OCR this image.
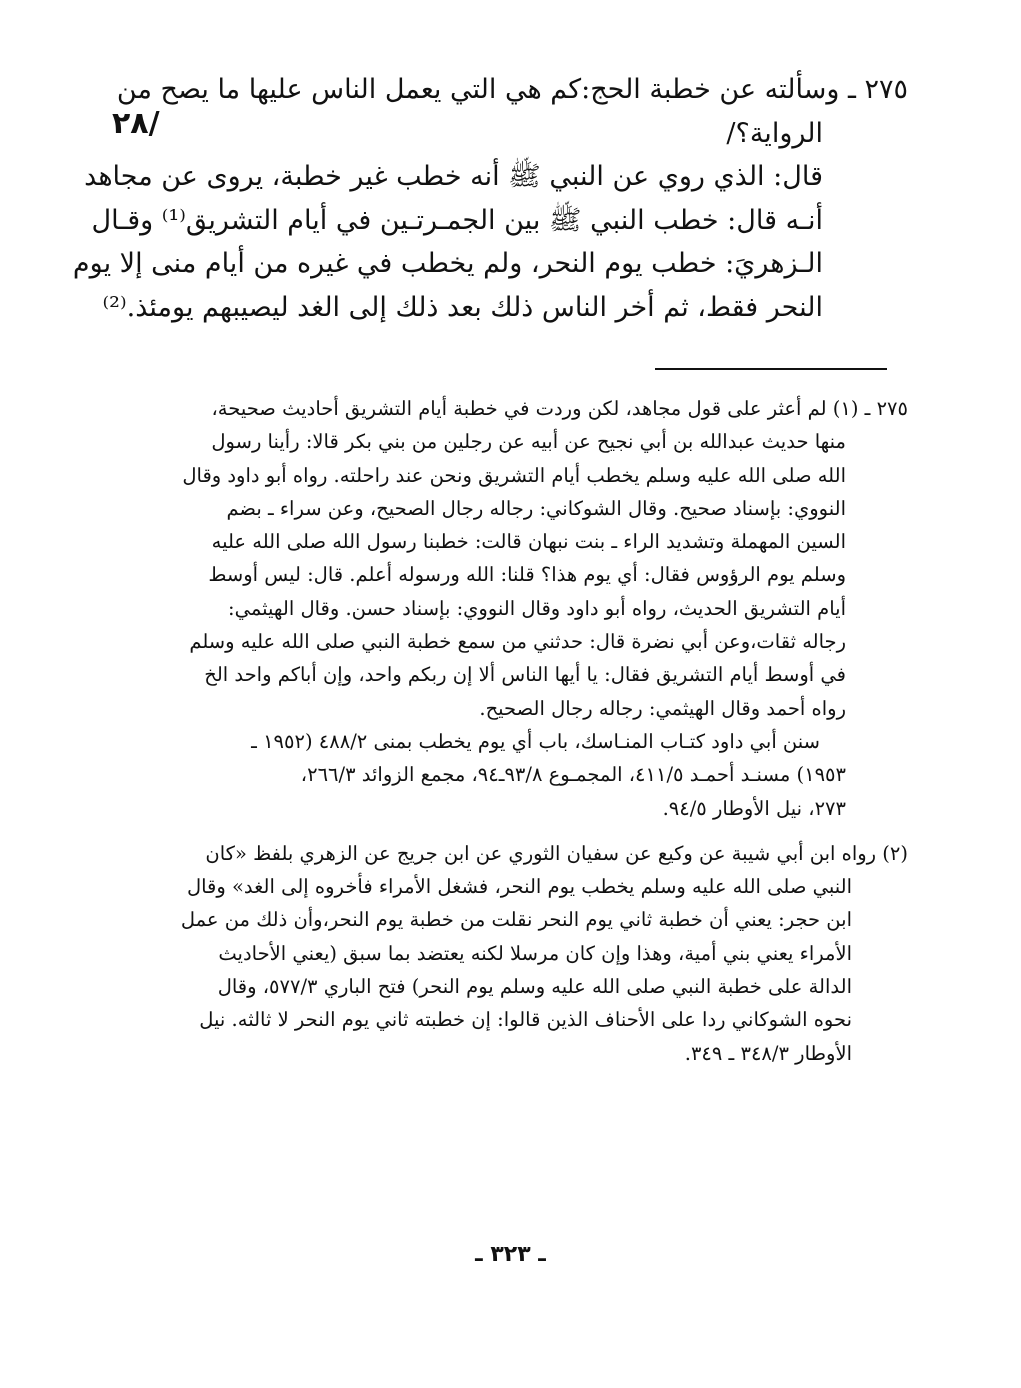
٢٨/
٢٧٥ ـ وسألته عن خطبة الحج:كم هي التي يعمل الناس عليها ما يصح من
الرواية؟/
قال: الذي روي عن النبي ﷺ أنه خطب غير خطبة، يروى عن مجاهد
أنـه قال: خطب النبي ﷺ بين الجمـرتـين في أيام التشريق⁽¹⁾ وقـال
الـزهريَ: خطب يوم النحر، ولم يخطب في غيره من أيام منى إلا يوم
النحر فقط، ثم أخر الناس ذلك بعد ذلك إلى الغد ليصيبهم يومئذ.⁽²⁾
٢٧٥ ـ (١) لم أعثر على قول مجاهد، لكن وردت في خطبة أيام التشريق أحاديث صحيحة،
منها حديث عبدالله بن أبي نجيح عن أبيه عن رجلين من بني بكر قالا: رأينا رسول
الله صلى الله عليه وسلم يخطب أيام التشريق ونحن عند راحلته. رواه أبو داود وقال
النووي: بإسناد صحيح. وقال الشوكاني: رجاله رجال الصحيح، وعن سراء ـ بضم
السين المهملة وتشديد الراء ـ بنت نبهان قالت: خطبنا رسول الله صلى الله عليه
وسلم يوم الرؤوس فقال: أي يوم هذا؟ قلنا: الله ورسوله أعلم. قال: ليس أوسط
أيام التشريق الحديث، رواه أبو داود وقال النووي: بإسناد حسن. وقال الهيثمي:
رجاله ثقات،وعن أبي نضرة قال: حدثني من سمع خطبة النبي صلى الله عليه وسلم
في أوسط أيام التشريق فقال: يا أيها الناس ألا إن ربكم واحد، وإن أباكم واحد الخ
رواه أحمد وقال الهيثمي: رجاله رجال الصحيح.
سنن أبي داود كتـاب المنـاسك، باب أي يوم يخطب بمنى ٤٨٨/٢ (١٩٥٢ ـ
١٩٥٣) مسنـد أحمـد ٤١١/٥، المجمـوع ٩٣/٨ـ٩٤، مجمع الزوائد ٢٦٦/٣،
٢٧٣، نيل الأوطار ٩٤/٥.
(٢) رواه ابن أبي شيبة عن وكيع عن سفيان الثوري عن ابن جريج عن الزهري بلفظ «كان
النبي صلى الله عليه وسلم يخطب يوم النحر، فشغل الأمراء فأخروه إلى الغد» وقال
ابن حجر: يعني أن خطبة ثاني يوم النحر نقلت من خطبة يوم النحر،وأن ذلك من عمل
الأمراء يعني بني أمية، وهذا وإن كان مرسلا لكنه يعتضد بما سبق (يعني الأحاديث
الدالة على خطبة النبي صلى الله عليه وسلم يوم النحر) فتح الباري ٥٧٧/٣، وقال
نحوه الشوكاني ردا على الأحناف الذين قالوا: إن خطبته ثاني يوم النحر لا ثالثه. نيل
الأوطار ٣٤٨/٣ ـ ٣٤٩.
ـ ٣٢٣ ـ
